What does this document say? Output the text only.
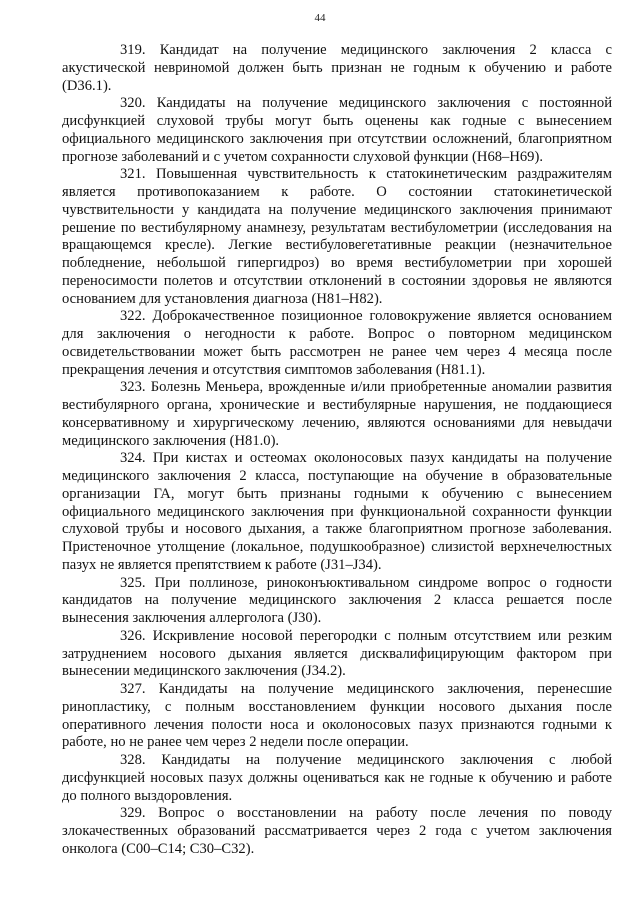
44

319. Кандидат на получение медицинского заключения 2 класса с акустической невриномой должен быть признан не годным к обучению и работе (D36.1).

320. Кандидаты на получение медицинского заключения с постоянной дисфункцией слуховой трубы могут быть оценены как годные с вынесением официального медицинского заключения при отсутствии осложнений, благоприятном прогнозе заболеваний и с учетом сохранности слуховой функции (Н68–Н69).

321. Повышенная чувствительность к статокинетическим раздражителям является противопоказанием к работе. О состоянии статокинетической чувствительности у кандидата на получение медицинского заключения принимают решение по вестибулярному анамнезу, результатам вестибулометрии (исследования на вращающемся кресле). Легкие вестибуловегетативные реакции (незначительное побледнение, небольшой гипергидроз) во время вестибулометрии при хорошей переносимости полетов и отсутствии отклонений в состоянии здоровья не являются основанием для установления диагноза (Н81–Н82).

322. Доброкачественное позиционное головокружение является основанием для заключения о негодности к работе. Вопрос о повторном медицинском освидетельствовании может быть рассмотрен не ранее чем через 4 месяца после прекращения лечения и отсутствия симптомов заболевания (Н81.1).

323. Болезнь Меньера, врожденные и/или приобретенные аномалии развития вестибулярного органа, хронические и вестибулярные нарушения, не поддающиеся консервативному и хирургическому лечению, являются основаниями для невыдачи медицинского заключения (Н81.0).

324. При кистах и остеомах околоносовых пазух кандидаты на получение медицинского заключения 2 класса, поступающие на обучение в образовательные организации ГА, могут быть признаны годными к обучению с вынесением официального медицинского заключения при функциональной сохранности функции слуховой трубы и носового дыхания, а также благоприятном прогнозе заболевания. Пристеночное утолщение (локальное, подушкообразное) слизистой верхнечелюстных пазух не является препятствием к работе (J31–J34).

325. При поллинозе, риноконъюктивальном синдроме вопрос о годности кандидатов на получение медицинского заключения 2 класса решается после вынесения заключения аллерголога (J30).

326. Искривление носовой перегородки с полным отсутствием или резким затруднением носового дыхания является дисквалифицирующим фактором при вынесении медицинского заключения (J34.2).

327. Кандидаты на получение медицинского заключения, перенесшие ринопластику, с полным восстановлением функции носового дыхания после оперативного лечения полости носа и околоносовых пазух признаются годными к работе, но не ранее чем через 2 недели после операции.

328. Кандидаты на получение медицинского заключения с любой дисфункцией носовых пазух должны оцениваться как не годные к обучению и работе до полного выздоровления.

329. Вопрос о восстановлении на работу после лечения по поводу злокачественных образований рассматривается через 2 года с учетом заключения онколога (С00–С14; С30–С32).
